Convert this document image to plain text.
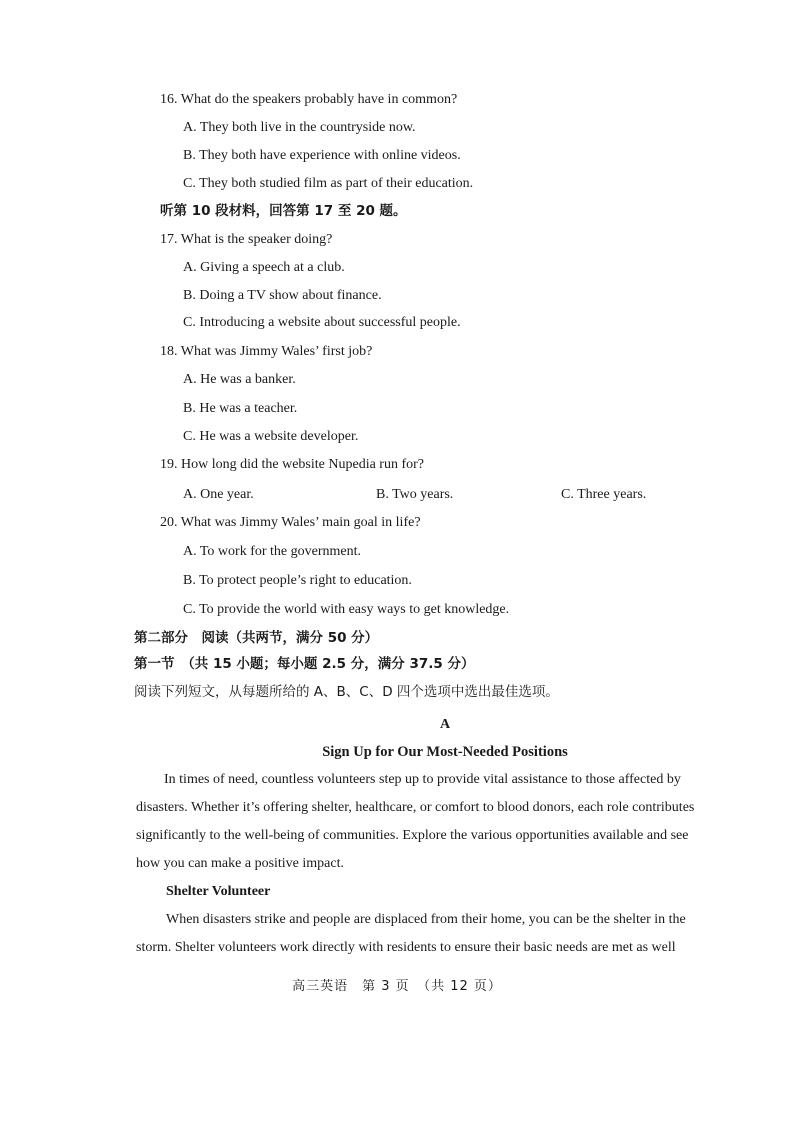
16. What do the speakers probably have in common?
A. They both live in the countryside now.
B. They both have experience with online videos.
C. They both studied film as part of their education.
听第 10 段材料，回答第 17 至 20 题。
17. What is the speaker doing?
A. Giving a speech at a club.
B. Doing a TV show about finance.
C. Introducing a website about successful people.
18. What was Jimmy Wales’ first job?
A. He was a banker.
B. He was a teacher.
C. He was a website developer.
19. How long did the website Nupedia run for?
A. One year.	B. Two years.	C. Three years.
20. What was Jimmy Wales’ main goal in life?
A. To work for the government.
B. To protect people’s right to education.
C. To provide the world with easy ways to get knowledge.
第二部分　阅读（共两节，满分 50 分）
第一节　（共 15 小题；每小题 2.5 分，满分 37.5 分）
阅读下列短文，从每题所给的 A、B、C、D 四个选项中选出最佳选项。
A
Sign Up for Our Most-Needed Positions
In times of need, countless volunteers step up to provide vital assistance to those affected by
disasters. Whether it’s offering shelter, healthcare, or comfort to blood donors, each role contributes
significantly to the well-being of communities. Explore the various opportunities available and see
how you can make a positive impact.
Shelter Volunteer
When disasters strike and people are displaced from their home, you can be the shelter in the
storm. Shelter volunteers work directly with residents to ensure their basic needs are met as well
高三英语　第 3 页　（共 12 页）
